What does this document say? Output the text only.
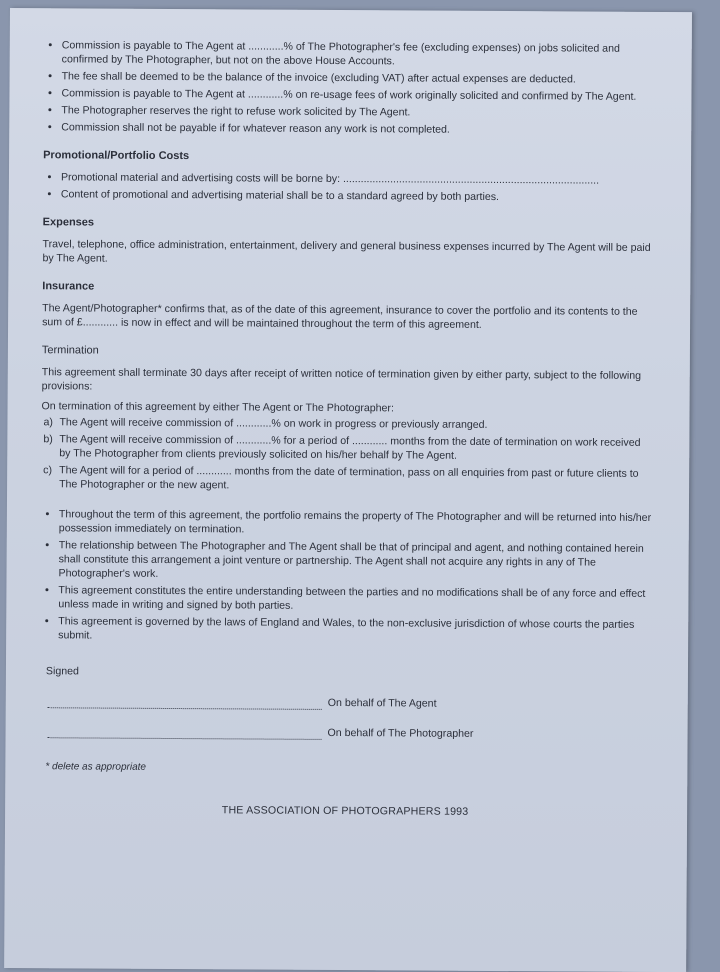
• Commission is payable to The Agent at ............% of The Photographer's fee (excluding expenses) on jobs solicited and confirmed by The Photographer, but not on the above House Accounts.
• The fee shall be deemed to be the balance of the invoice (excluding VAT) after actual expenses are deducted.
• Commission is payable to The Agent at ............% on re-usage fees of work originally solicited and confirmed by The Agent.
• The Photographer reserves the right to refuse work solicited by The Agent.
• Commission shall not be payable if for whatever reason any work is not completed.
Promotional/Portfolio Costs
• Promotional material and advertising costs will be borne by: .......................................................................................
• Content of promotional and advertising material shall be to a standard agreed by both parties.
Expenses

Travel, telephone, office administration, entertainment, delivery and general business expenses incurred by The Agent will be paid by The Agent.

Insurance

The Agent/Photographer* confirms that, as of the date of this agreement, insurance to cover the portfolio and its contents to the sum of £............ is now in effect and will be maintained throughout the term of this agreement.

Termination

This agreement shall terminate 30 days after receipt of written notice of termination given by either party, subject to the following provisions:

On termination of this agreement by either The Agent or The Photographer:

a) The Agent will receive commission of ............% on work in progress or previously arranged.
b) The Agent will receive commission of ............% for a period of ............ months from the date of termination on work received by The Photographer from clients previously solicited on his/her behalf by The Agent.
c) The Agent will for a period of ............ months from the date of termination, pass on all enquiries from past or future clients to The Photographer or the new agent.
• Throughout the term of this agreement, the portfolio remains the property of The Photographer and will be returned into his/her possession immediately on termination.
• The relationship between The Photographer and The Agent shall be that of principal and agent, and nothing contained herein shall constitute this arrangement a joint venture or partnership. The Agent shall not acquire any rights in any of The Photographer's work.
• This agreement constitutes the entire understanding between the parties and no modifications shall be of any force and effect unless made in writing and signed by both parties.
• This agreement is governed by the laws of England and Wales, to the non-exclusive jurisdiction of whose courts the parties submit.
Signed
On behalf of The Agent
On behalf of The Photographer
* delete as appropriate
THE ASSOCIATION OF PHOTOGRAPHERS 1993
